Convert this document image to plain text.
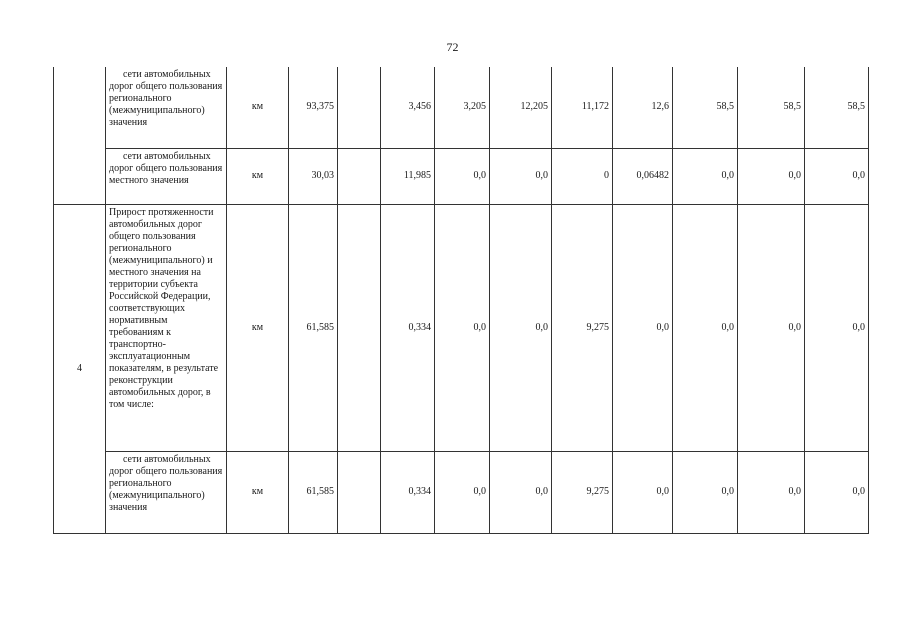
72

	сети автомобильных дорог общего пользования регионального (межмуниципального) значения	км	93,375		3,456	3,205	12,205	11,172	12,6	58,5	58,5	58,5

	сети автомобильных дорог общего пользования местного значения	км	30,03		11,985	0,0	0,0	0	0,06482	0,0	0,0	0,0
4	Прирост протяженности автомобильных дорог общего пользования регионального (межмуниципального) и местного значения на территории субъекта Российской Федерации, соответствующих нормативным требованиям к транспортно-эксплуатационным показателям, в результате реконструкции автомобильных дорог, в том числе:	км	61,585		0,334	0,0	0,0	9,275	0,0	0,0	0,0	0,0

	сети автомобильных дорог общего пользования регионального (межмуниципального) значения	км	61,585		0,334	0,0	0,0	9,275	0,0	0,0	0,0	0,0
